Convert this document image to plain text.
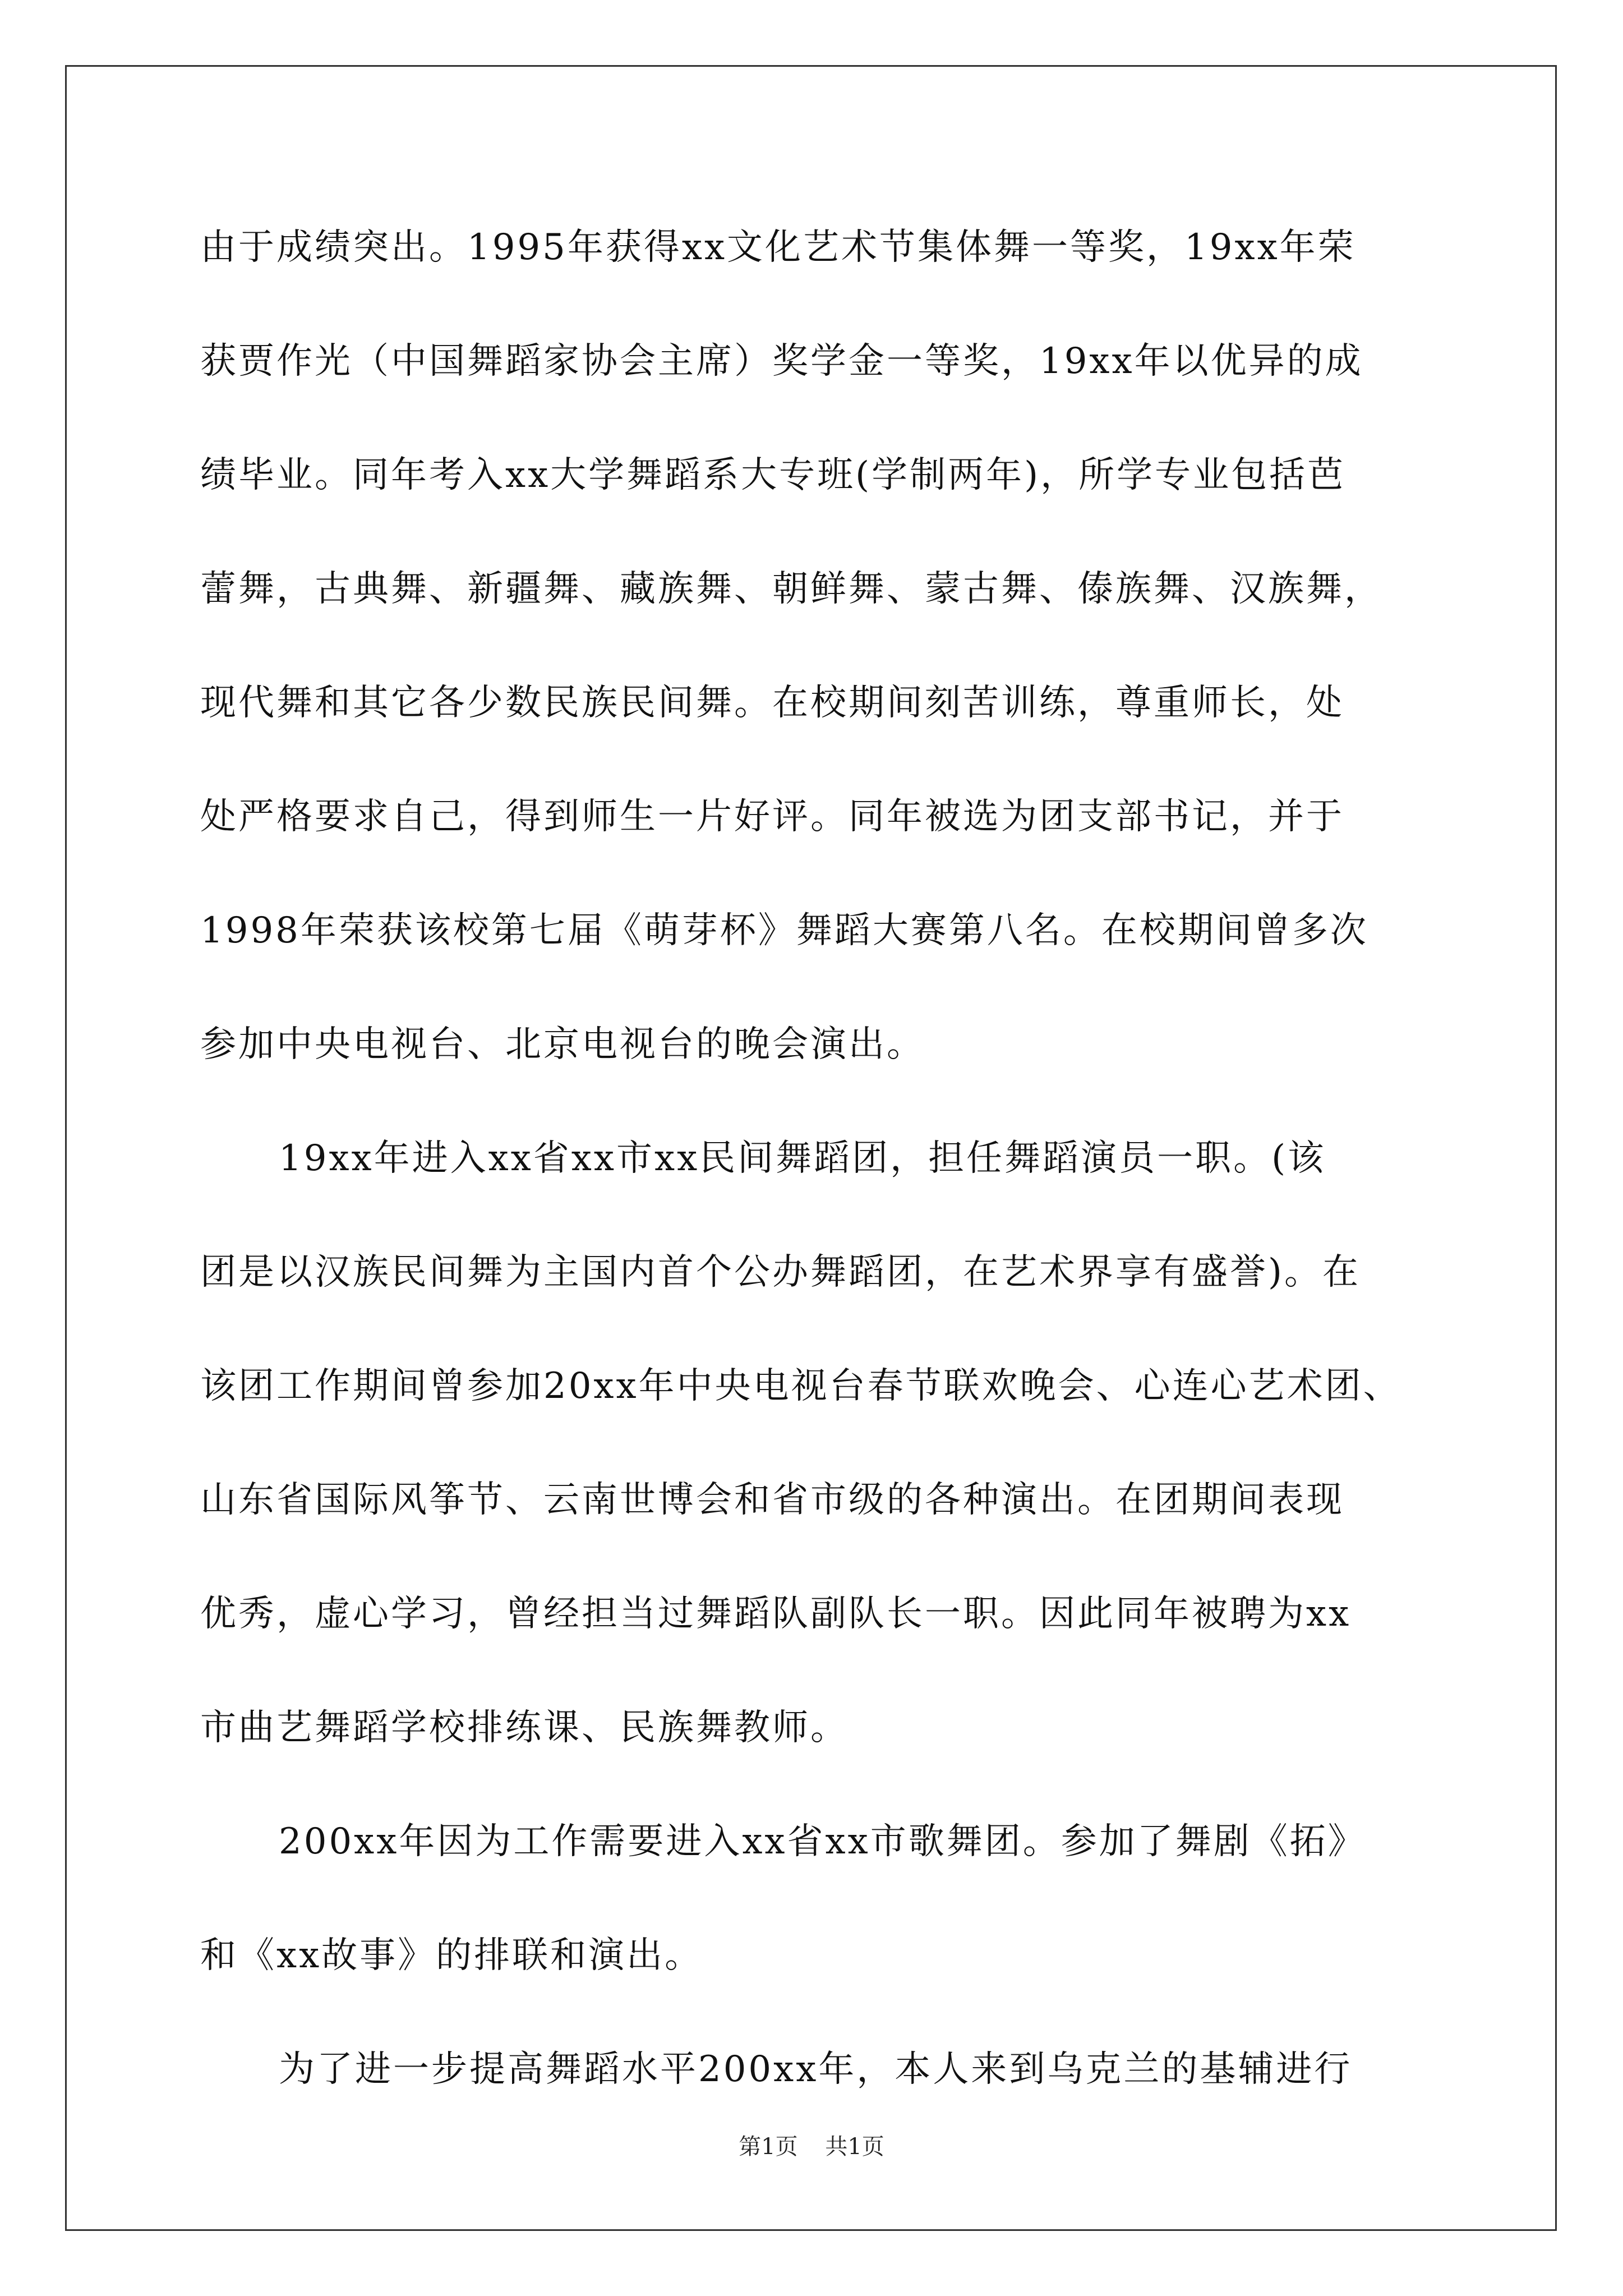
由于成绩突出。1995年获得xx文化艺术节集体舞一等奖，19xx年荣
获贾作光（中国舞蹈家协会主席）奖学金一等奖，19xx年以优异的成
绩毕业。同年考入xx大学舞蹈系大专班(学制两年)，所学专业包括芭
蕾舞，古典舞、新疆舞、藏族舞、朝鲜舞、蒙古舞、傣族舞、汉族舞，
现代舞和其它各少数民族民间舞。在校期间刻苦训练，尊重师长，处
处严格要求自己，得到师生一片好评。同年被选为团支部书记，并于
1998年荣获该校第七届《萌芽杯》舞蹈大赛第八名。在校期间曾多次
参加中央电视台、北京电视台的晚会演出。
19xx年进入xx省xx市xx民间舞蹈团，担任舞蹈演员一职。(该
团是以汉族民间舞为主国内首个公办舞蹈团，在艺术界享有盛誉)。在
该团工作期间曾参加20xx年中央电视台春节联欢晚会、心连心艺术团、
山东省国际风筝节、云南世博会和省市级的各种演出。在团期间表现
优秀，虚心学习，曾经担当过舞蹈队副队长一职。因此同年被聘为xx
市曲艺舞蹈学校排练课、民族舞教师。
200xx年因为工作需要进入xx省xx市歌舞团。参加了舞剧《拓》
和《xx故事》的排联和演出。
为了进一步提高舞蹈水平200xx年，本人来到乌克兰的基辅进行
第1页 共1页
